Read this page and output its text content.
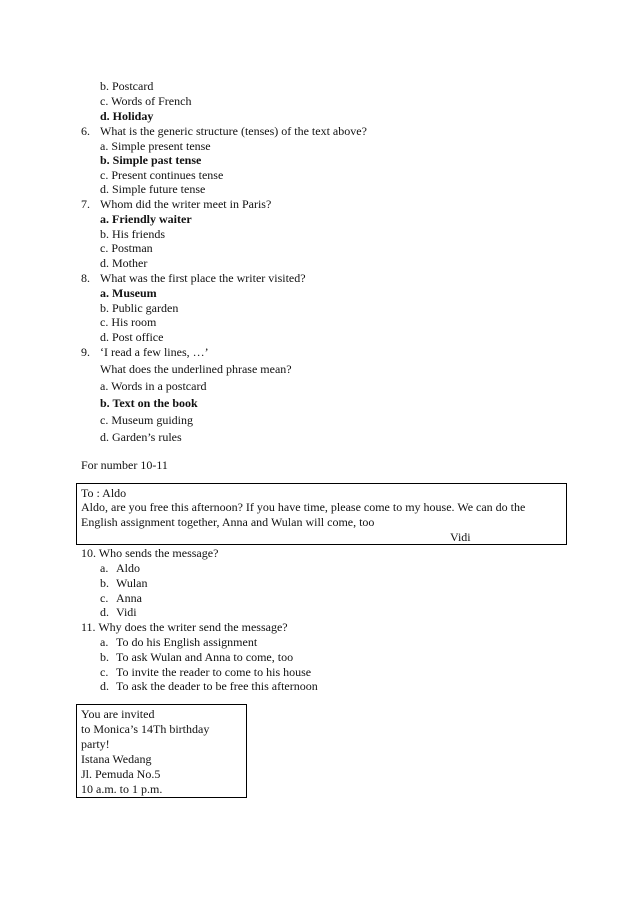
b. Postcard
c. Words of French
d. Holiday
6. What is the generic structure (tenses) of the text above?
a. Simple present tense
b. Simple past tense
c. Present continues tense
d. Simple future tense
7. Whom did the writer meet in Paris?
a. Friendly waiter
b. His friends
c. Postman
d. Mother
8. What was the first place the writer visited?
a. Museum
b. Public garden
c. His room
d. Post office
9. ‘I read a few lines, …’
What does the underlined phrase mean?
a. Words in a postcard
b. Text on the book
c. Museum guiding
d. Garden’s rules
For number 10-11
To : Aldo
Aldo, are you free this afternoon? If you have time, please come to my house. We can do the
English assignment together, Anna and Wulan will come, too
Vidi
10. Who sends the message?
a. Aldo
b. Wulan
c. Anna
d. Vidi
11. Why does the writer send the message?
a. To do his English assignment
b. To ask Wulan and Anna to come, too
c. To invite the reader to come to his house
d. To ask the deader to be free this afternoon
You are invited
to Monica’s 14Th birthday
party!
Istana Wedang
Jl. Pemuda No.5
10 a.m. to 1 p.m.
